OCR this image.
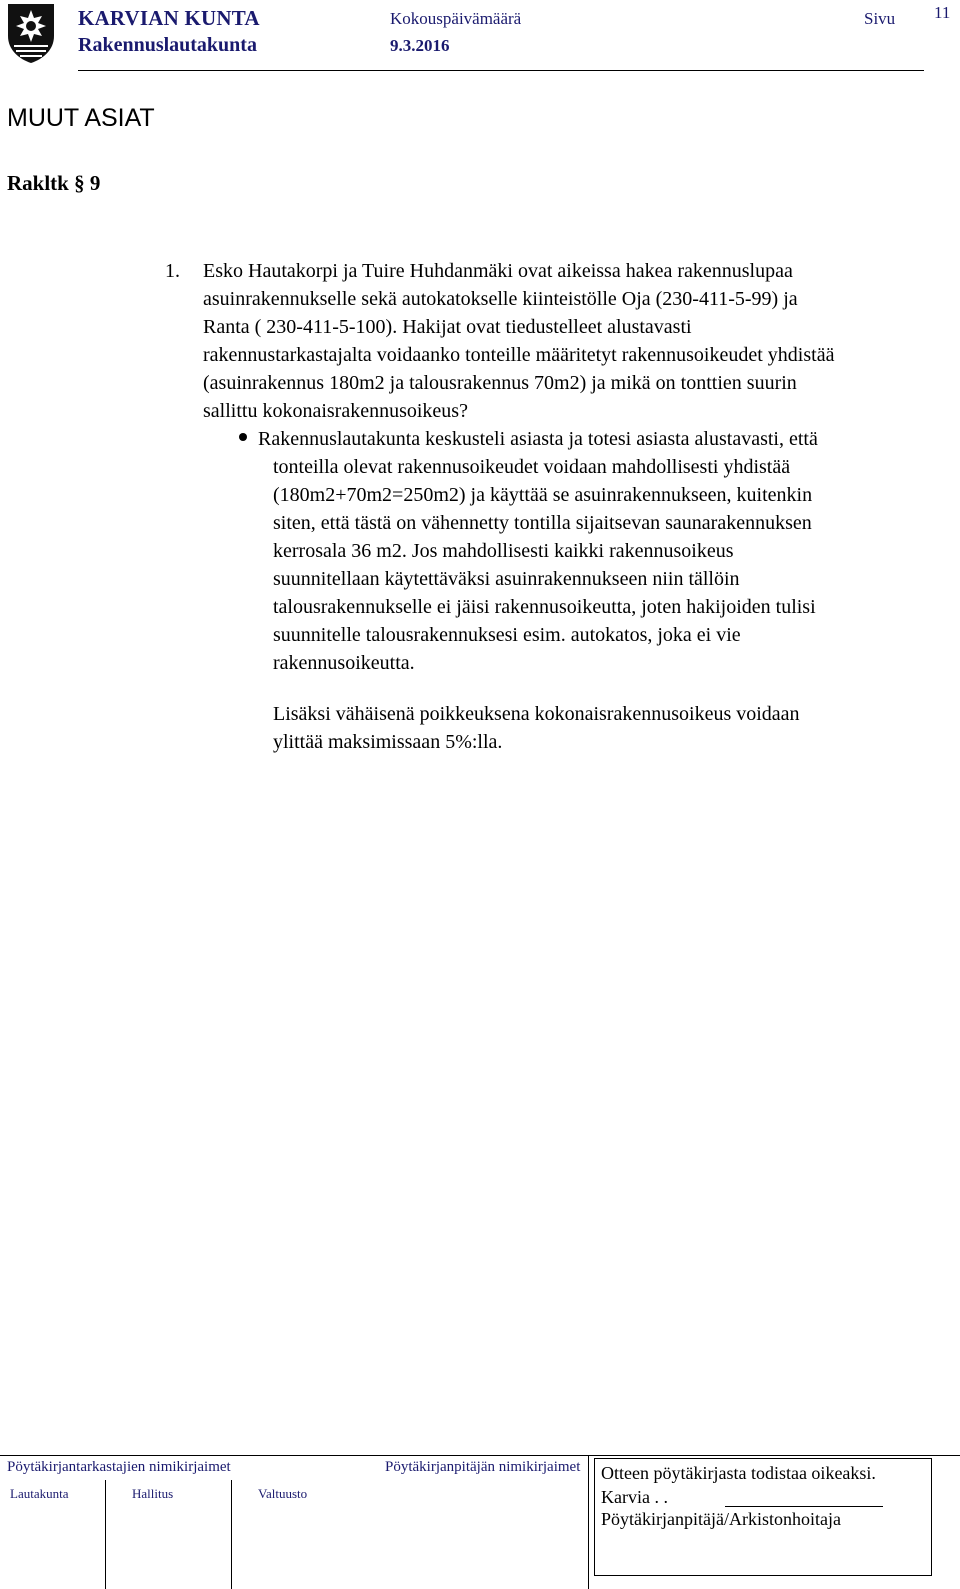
KARVIAN KUNTA
Rakennuslautakunta
Kokouspäivämäärä
9.3.2016
Sivu 11
MUUT ASIAT
Rakltk § 9
1. Esko Hautakorpi ja Tuire Huhdanmäki ovat aikeissa hakea rakennuslupaa
asuinrakennukselle sekä autokatokselle kiinteistölle Oja (230-411-5-99) ja
Ranta ( 230-411-5-100). Hakijat ovat tiedustelleet alustavasti
rakennustarkastajalta voidaanko tonteille määritetyt rakennusoikeudet yhdistää
(asuinrakennus 180m2 ja talousrakennus 70m2) ja mikä on tonttien suurin
sallittu kokonaisrakennusoikeus?
Rakennuslautakunta keskusteli asiasta ja totesi asiasta alustavasti, että
tonteilla olevat rakennusoikeudet voidaan mahdollisesti yhdistää
(180m2+70m2=250m2) ja käyttää se asuinrakennukseen, kuitenkin
siten, että tästä on vähennetty tontilla sijaitsevan saunarakennuksen
kerrosala 36 m2. Jos mahdollisesti kaikki rakennusoikeus
suunnitellaan käytettäväksi asuinrakennukseen niin tällöin
talousrakennukselle ei jäisi rakennusoikeutta, joten hakijoiden tulisi
suunnitelle talousrakennuksesi esim. autokatos, joka ei vie
rakennusoikeutta.
Lisäksi vähäisenä poikkeuksena kokonaisrakennusoikeus voidaan
ylittää maksimissaan 5%:lla.
Pöytäkirjantarkastajien nimikirjaimet	Pöytäkirjanpitäjän nimikirjaimet
Lautakunta	Hallitus	Valtuusto
Otteen pöytäkirjasta todistaa oikeaksi.
Karvia . .
Pöytäkirjanpitäjä/Arkistonhoitaja
